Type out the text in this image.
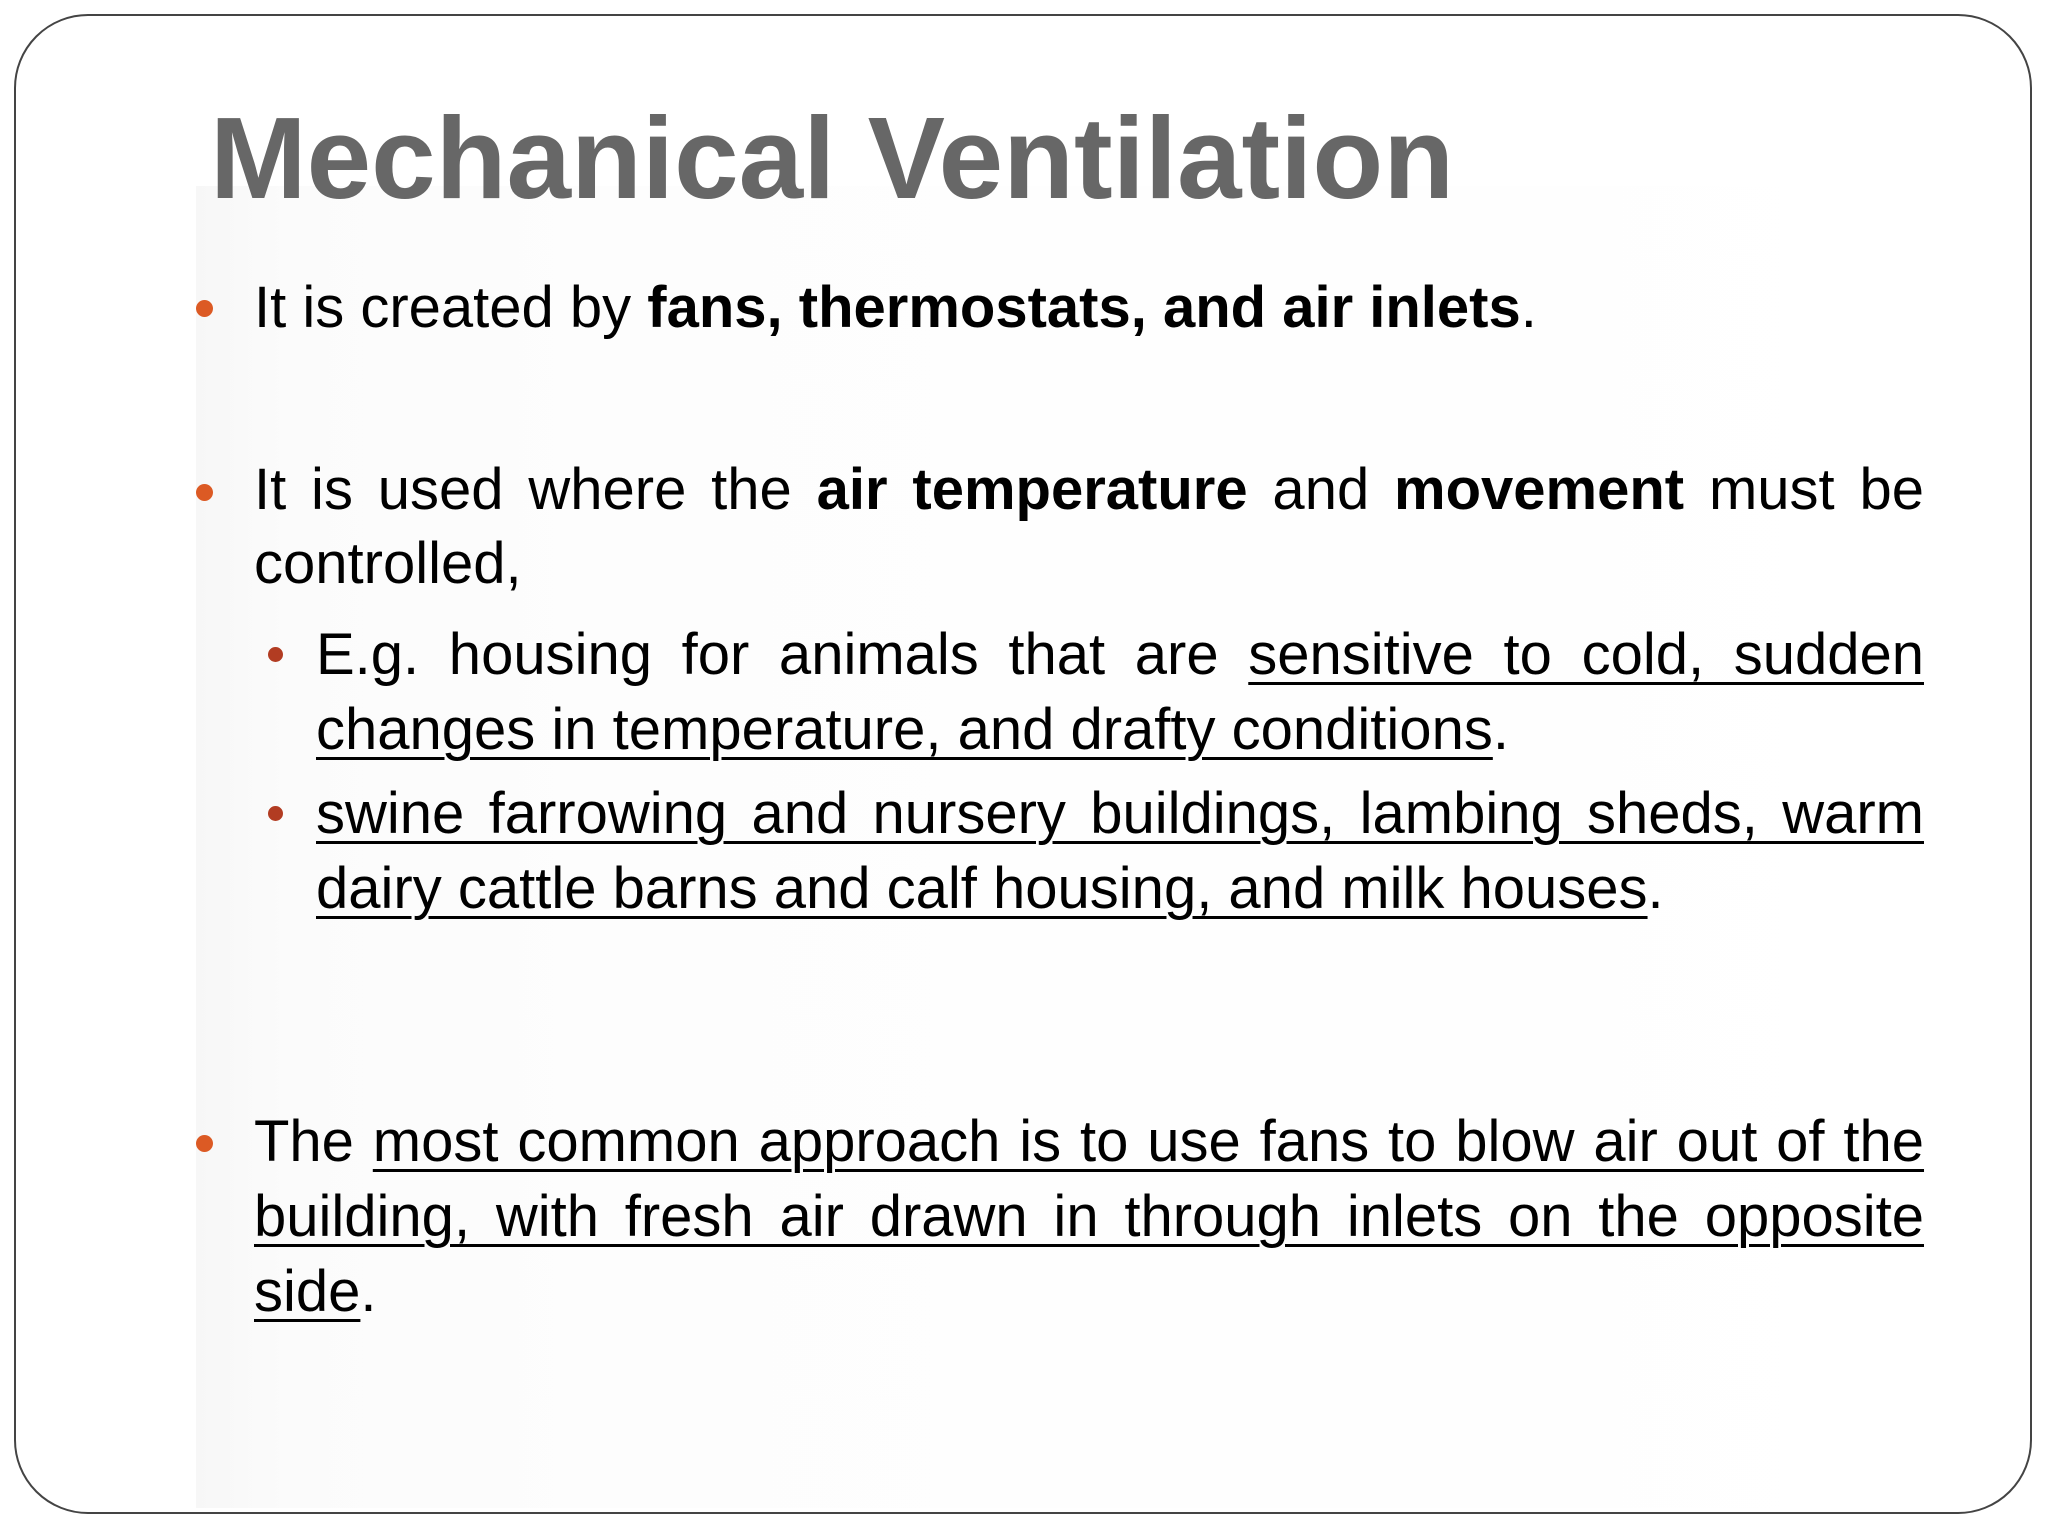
Mechanical Ventilation

It is created by fans, thermostats, and air inlets.

It is used where the air temperature and movement must be controlled,

E.g. housing for animals that are sensitive to cold, sudden changes in temperature, and drafty conditions.

swine farrowing and nursery buildings, lambing sheds, warm dairy cattle barns and calf housing, and milk houses.

The most common approach is to use fans to blow air out of the building, with fresh air drawn in through inlets on the opposite side.
